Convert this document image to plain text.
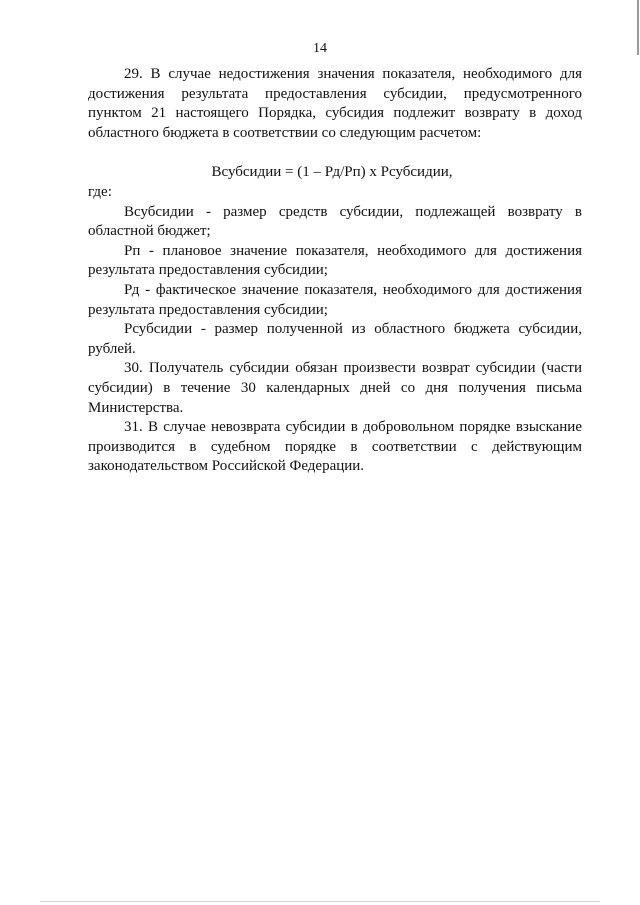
14

29. В случае недостижения значения показателя, необходимого для достижения результата предоставления субсидии, предусмотренного пунктом 21 настоящего Порядка, субсидия подлежит возврату в доход областного бюджета в соответствии со следующим расчетом:

Всубсидии = (1 – Рд/Рп) х Рсубсидии,

где:

Всубсидии - размер средств субсидии, подлежащей возврату в областной бюджет;

Рп - плановое значение показателя, необходимого для достижения результата предоставления субсидии;

Рд - фактическое значение показателя, необходимого для достижения результата предоставления субсидии;

Рсубсидии - размер полученной из областного бюджета субсидии, рублей.

30. Получатель субсидии обязан произвести возврат субсидии (части субсидии) в течение 30 календарных дней со дня получения письма Министерства.

31. В случае невозврата субсидии в добровольном порядке взыскание производится в судебном порядке в соответствии с действующим законодательством Российской Федерации.
